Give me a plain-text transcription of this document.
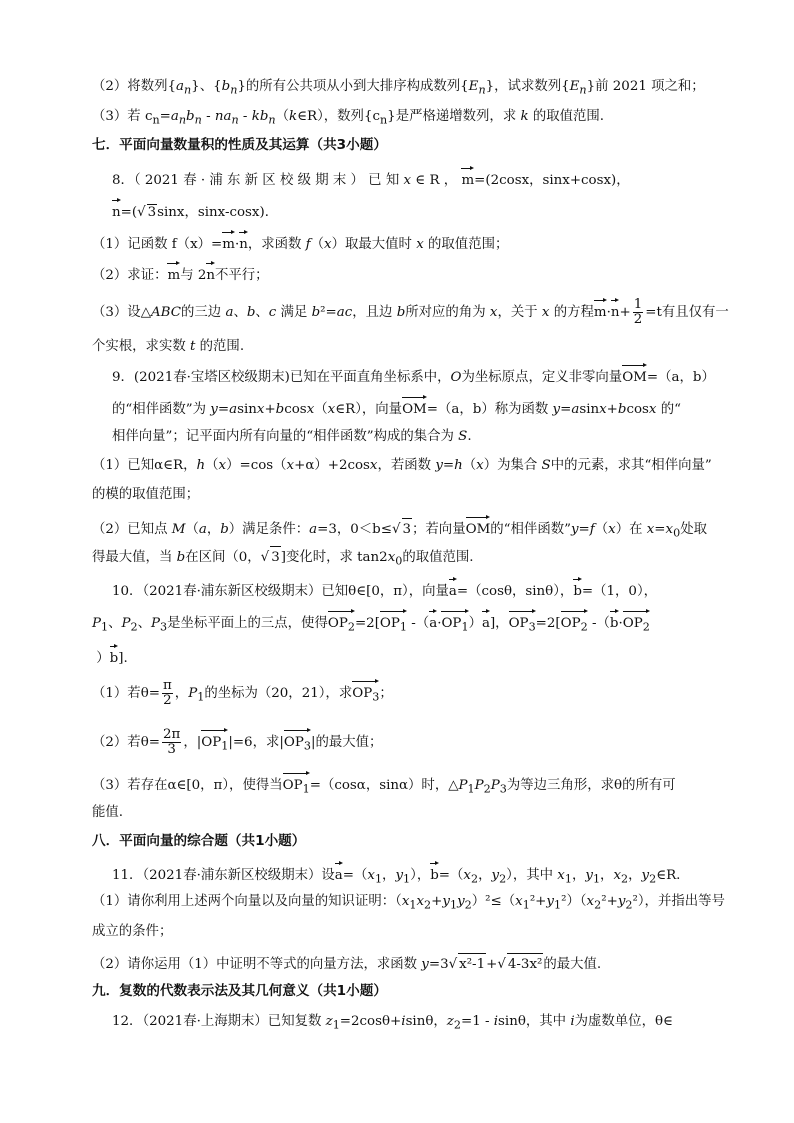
（2）将数列$\{a_n\}$、$\{b_n\}$的所有公共项从小到大排序构成数列$\{E_n\}$，试求数列$\{E_n\}$前 2021 项之和；
（3）若 $c_n=a_nb_n - na_n$ - $kb_n(k\in R)$，数列$\{c_n\}$是严格递增数列，求 k 的取值范围.
七．平面向量数量积的性质及其运算（共3小题）
8．（ 2021 春 · 浦 东 新 区 校 级 期 末 ） 已 知 x ∈ R ， m=(2cosx，sinx+cosx)，
n=(√ 3sinx，sinx-cosx)．
（1）记函数 f（x）=m·n，求函数 f（x）取最大值时 x 的取值范围；
（2）求证：m与 2n不平行；
（3）设△ABC的三边 a、b、c 满足 b²=ac，且边 b所对应的角为 x，关于 x 的方程$m\cdot n+ \frac{1}{2} =t$有且仅有一
个实根，求实数 t 的范围.
9．(2021春·宝塔区校级期末)已知在平面直角坐标系中，O为坐标原点，定义非零向量OM=（a，b）
的“相伴函数”为 y=asinx+bcosx（x∈R），向量OM=（a，b）称为函数 y=asinx+bcosx 的“
相伴向量”；记平面内所有向量的“相伴函数”构成的集合为 S.
（1）已知α∈R，h（x）=cos（x+α）+2cosx，若函数 y=h（x）为集合 S中的元素，求其“相伴向量”
的模的取值范围；
（2）已知点 M（a，b）满足条件：a=3，0＜b≤√ 3；若向量OM的“相伴函数”y=f（x）在 $x=x_0$处取
得最大值，当 b在区间（0，√ 3]变化时，求 $\tan 2x_0$的取值范围.
10．（2021春·浦东新区校级期末）已知θ∈[0，π），向量a=（cosθ，sinθ），b=（1，0），
$P_1$、$P_2$、$P_3$是坐标平面上的三点，使得$OP_2=2[OP_1$ $-(a\cdot OP_1)a$]，$OP_3=2[OP_2$ $-(b\cdot OP_2$
）b].
（1）若$\theta= \frac{\pi}{2}$ ，$P_1$的坐标为（20，21），求$OP_3$；
（2）若$\theta= \frac{2\pi}{3}$ ，$|OP_1|=6$，求$|OP_3|$的最大值；
（3）若存在α∈[0，π），使得当$OP_1=(\cos\alpha$，sinα）时，$\triangle P_1P_2P_3$为等边三角形，求θ的所有可
能值.
八．平面向量的综合题（共1小题）
11．（2021春·浦东新区校级期末）设$a=(x_1$，$y_1$），$b=(x_2$，$y_2$），其中 $x_1$，$y_1$，$x_2$，$y_2\in R$.
（1）请你利用上述两个向量以及向量的知识证明：$(x_1x_2+y_1y_2)^2\le(x_1^2+y_1^2)(x_2^2+y_2^2)$，并指出等号
成立的条件；
（2）请你运用（1）中证明不等式的向量方法，求函数 y=3√ x²-1+√ 4-3x²的最大值.
九．复数的代数表示法及其几何意义（共1小题）
12．（2021春·上海期末）已知复数 $z_1=2\cos\theta+isin\theta$，$z_2=1 - isin\theta$，其中 i为虚数单位，θ∈
